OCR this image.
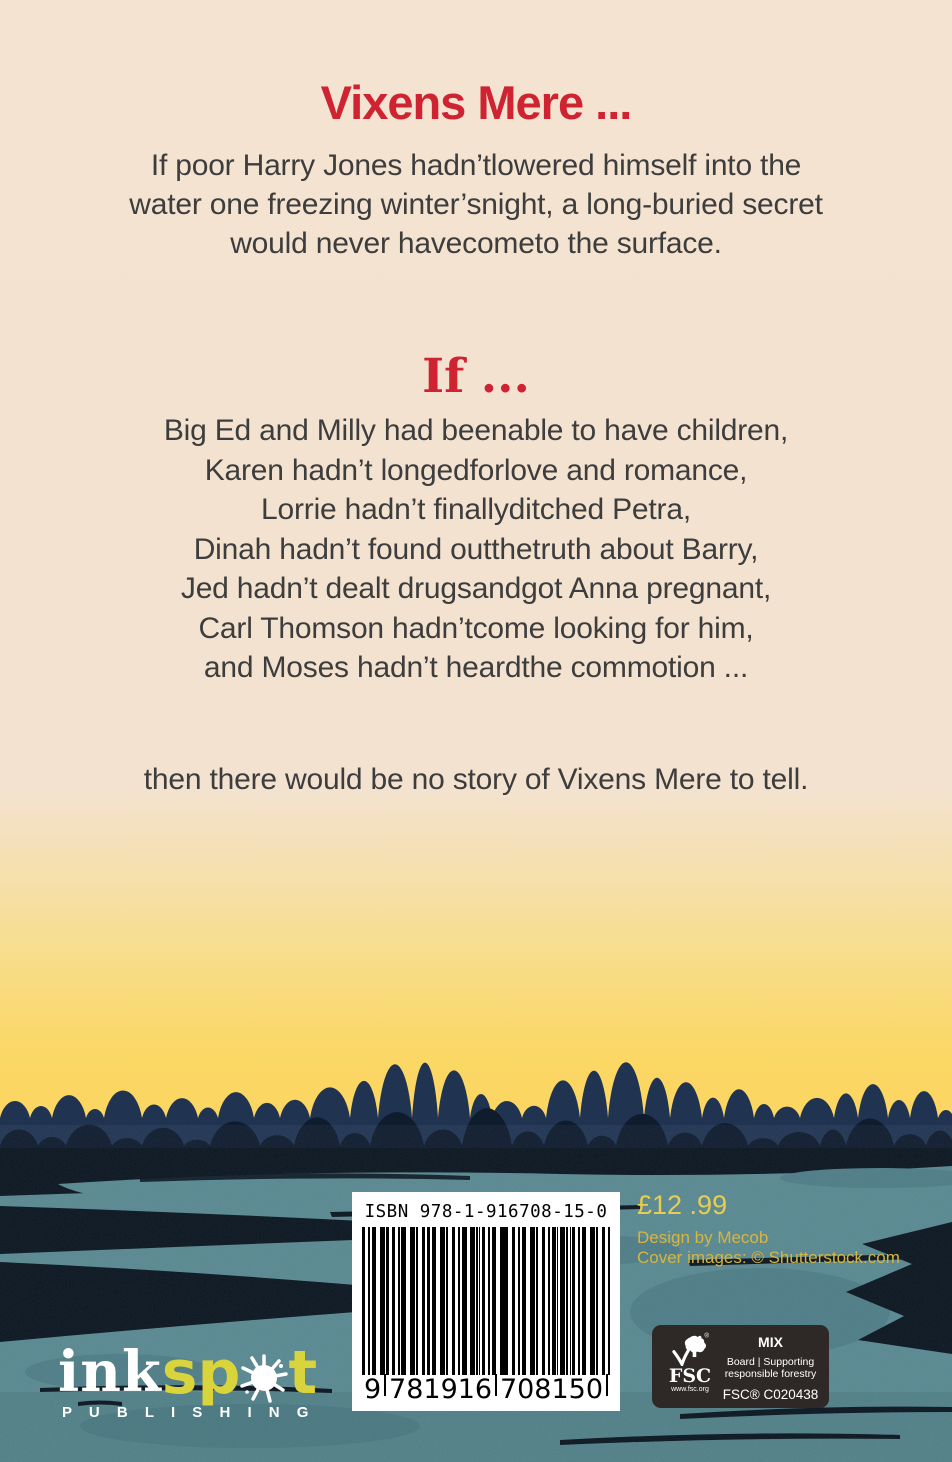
Vixens Mere ...
If poor Harry Jones hadn’tlowered himself into the
water one freezing winter’snight, a long-buried secret
would never havecometo the surface.
If ...
Big Ed and Milly had beenable to have children,
Karen hadn’t longedforlove and romance,
Lorrie hadn’t finallyditched Petra,
Dinah hadn’t found outthetruth about Barry,
Jed hadn’t dealt drugsandgot Anna pregnant,
Carl Thomson hadn’tcome looking for him,
and Moses hadn’t heardthe commotion ...
then there would be no story of Vixens Mere to tell.
ISBN 978-1-916708-15-0
9 781916 708150
£12 .99
Design by Mecob
Cover images: © Shutterstock.com
ink sp t
P U B L I S H I N G
®
FSC
www.fsc.org
MIX
Board | Supporting
responsible forestry
FSC® C020438
